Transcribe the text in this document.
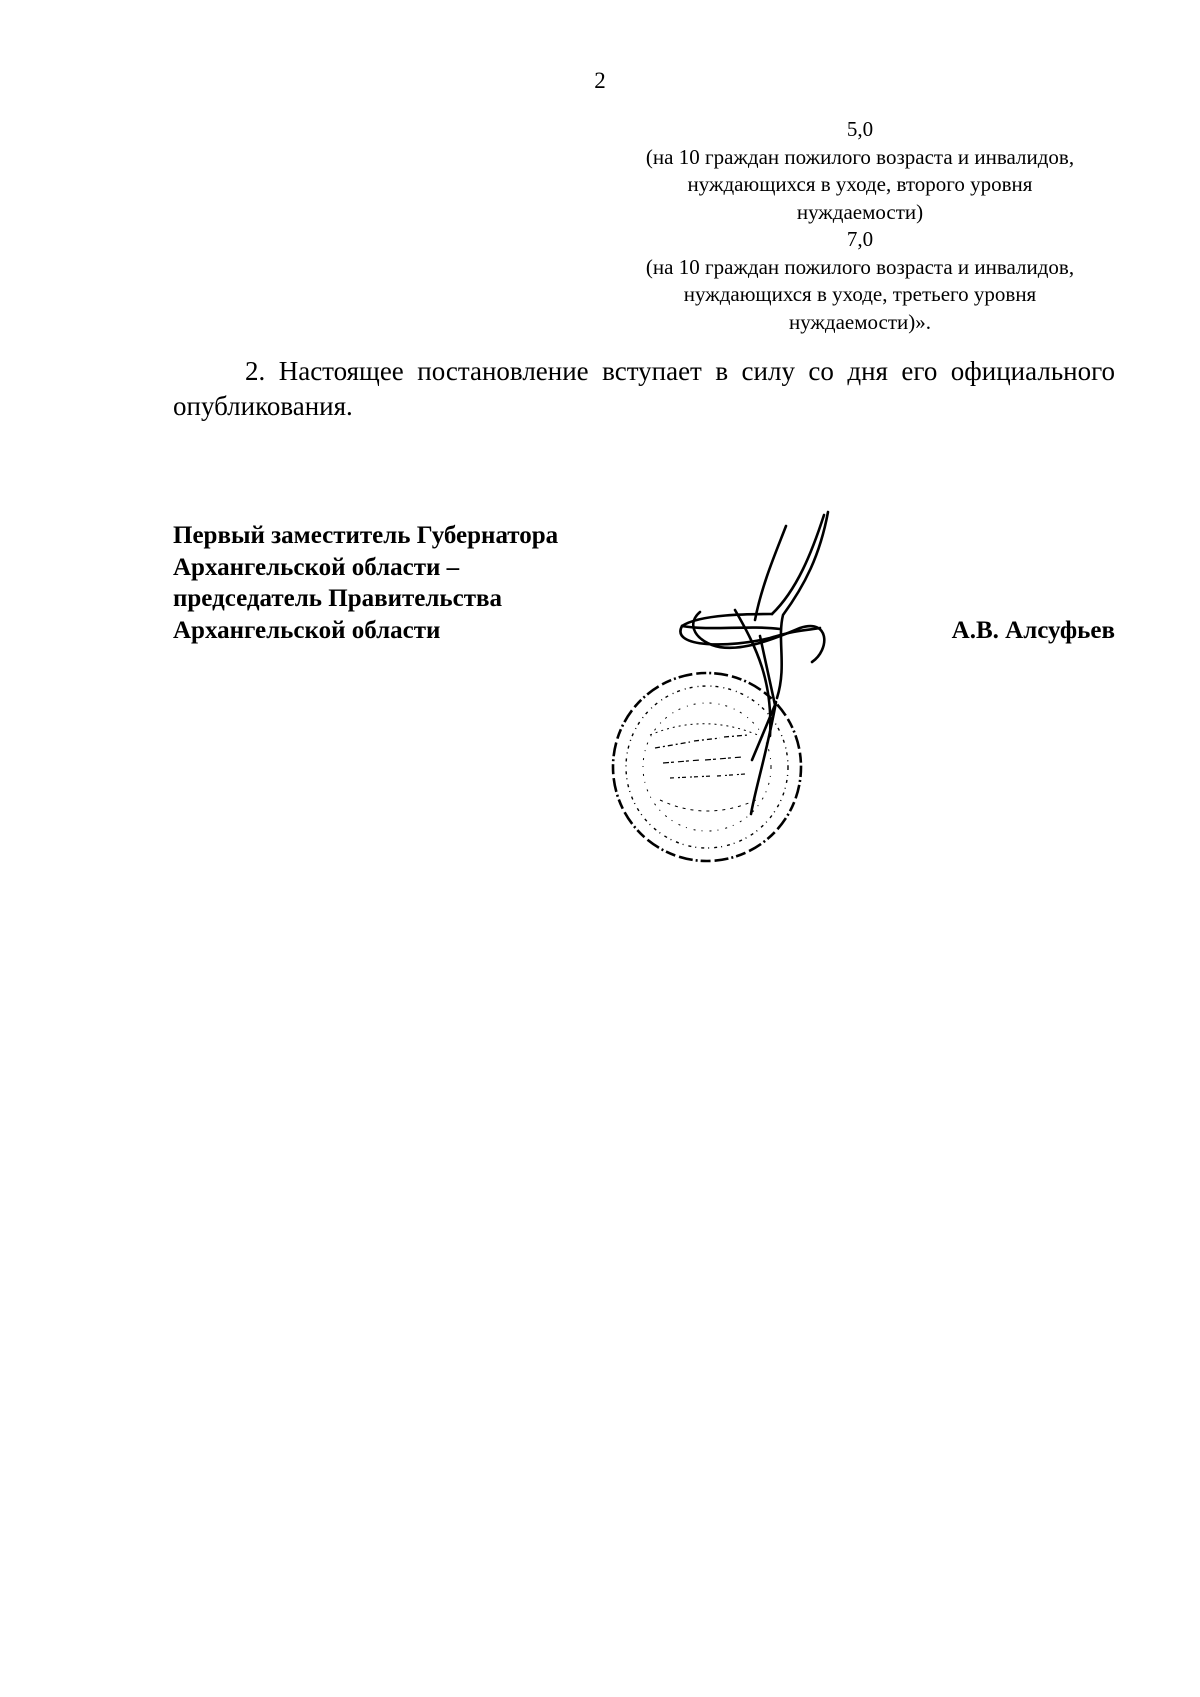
2
5,0
(на 10 граждан пожилого возраста и инвалидов,
нуждающихся в уходе, второго уровня
нуждаемости)
7,0
(на 10 граждан пожилого возраста и инвалидов,
нуждающихся в уходе, третьего уровня
нуждаемости)».
2. Настоящее постановление вступает в силу со дня его официального опубликования.
Первый заместитель Губернатора
Архангельской области –
председатель Правительства
Архангельской области	А.В. Алсуфьев
